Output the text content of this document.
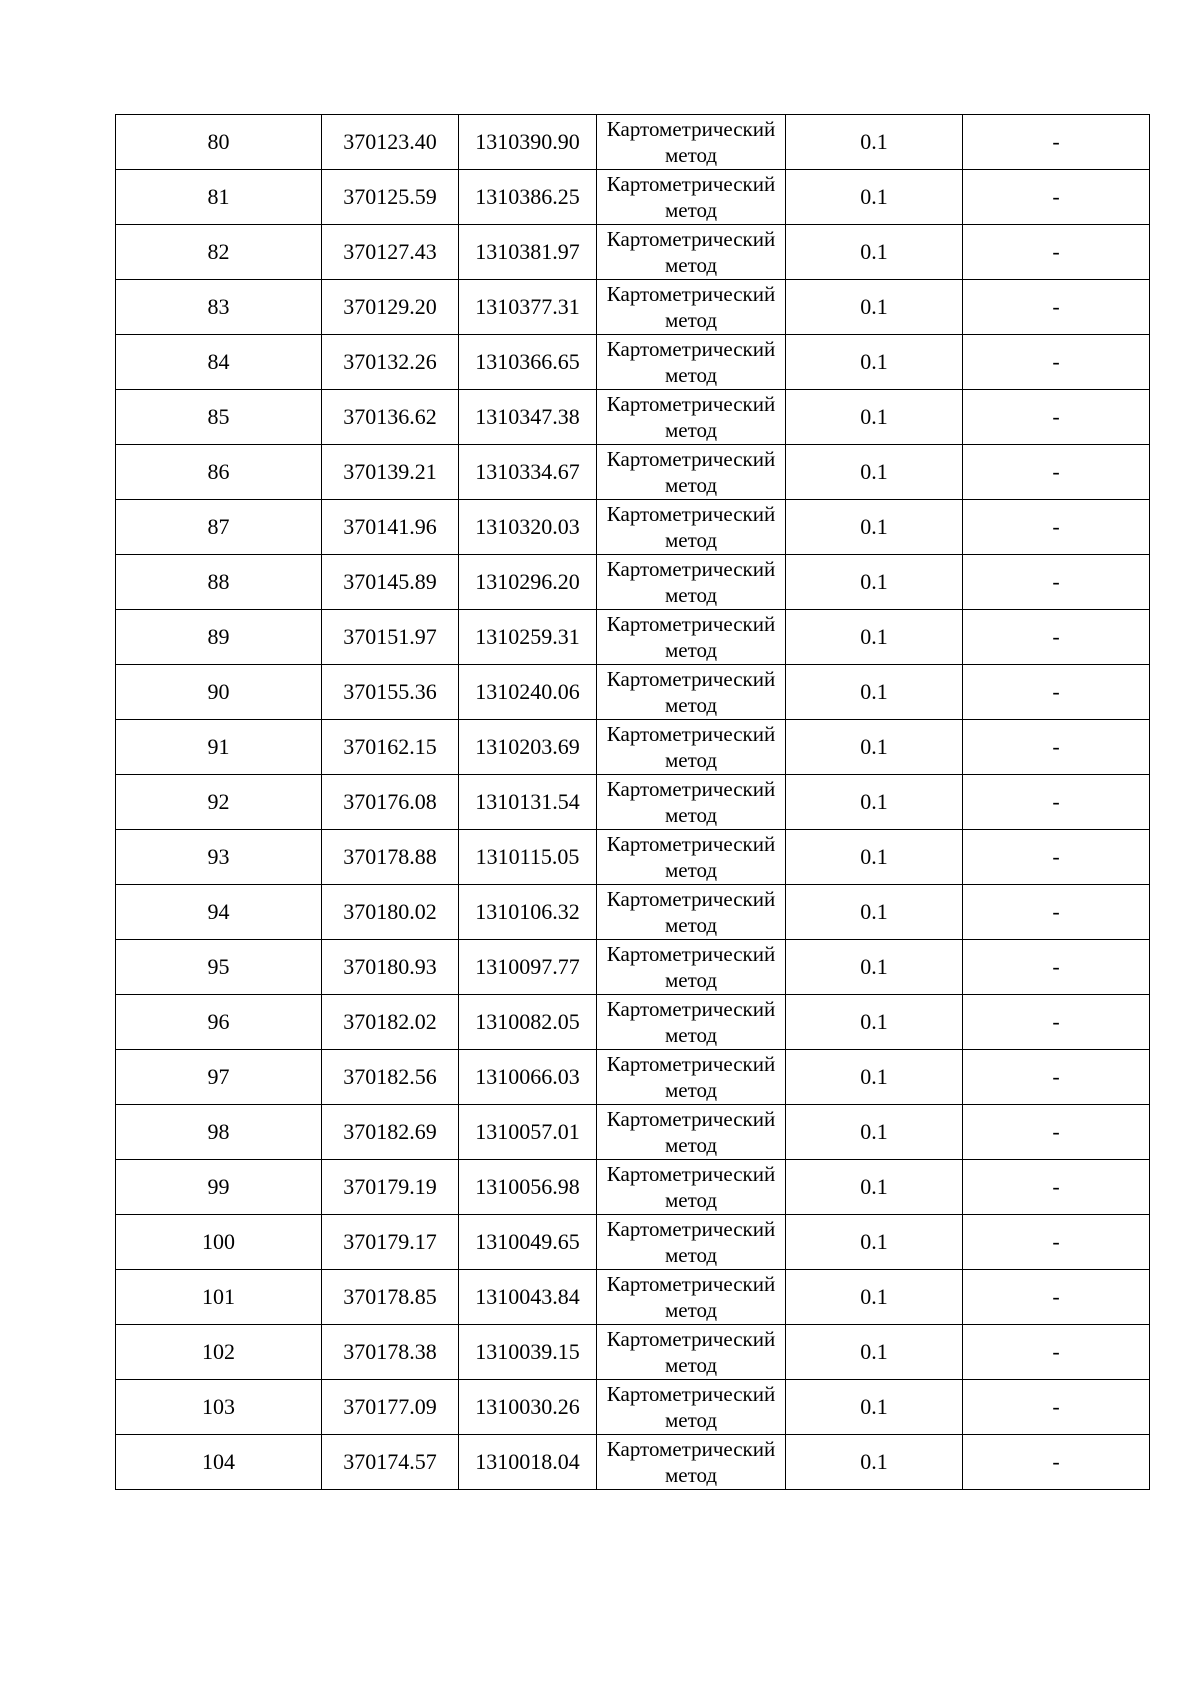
80	370123.40	1310390.90	Картометрический метод	0.1	-
81	370125.59	1310386.25	Картометрический метод	0.1	-
82	370127.43	1310381.97	Картометрический метод	0.1	-
83	370129.20	1310377.31	Картометрический метод	0.1	-
84	370132.26	1310366.65	Картометрический метод	0.1	-
85	370136.62	1310347.38	Картометрический метод	0.1	-
86	370139.21	1310334.67	Картометрический метод	0.1	-
87	370141.96	1310320.03	Картометрический метод	0.1	-
88	370145.89	1310296.20	Картометрический метод	0.1	-
89	370151.97	1310259.31	Картометрический метод	0.1	-
90	370155.36	1310240.06	Картометрический метод	0.1	-
91	370162.15	1310203.69	Картометрический метод	0.1	-
92	370176.08	1310131.54	Картометрический метод	0.1	-
93	370178.88	1310115.05	Картометрический метод	0.1	-
94	370180.02	1310106.32	Картометрический метод	0.1	-
95	370180.93	1310097.77	Картометрический метод	0.1	-
96	370182.02	1310082.05	Картометрический метод	0.1	-
97	370182.56	1310066.03	Картометрический метод	0.1	-
98	370182.69	1310057.01	Картометрический метод	0.1	-
99	370179.19	1310056.98	Картометрический метод	0.1	-
100	370179.17	1310049.65	Картометрический метод	0.1	-
101	370178.85	1310043.84	Картометрический метод	0.1	-
102	370178.38	1310039.15	Картометрический метод	0.1	-
103	370177.09	1310030.26	Картометрический метод	0.1	-
104	370174.57	1310018.04	Картометрический метод	0.1	-
